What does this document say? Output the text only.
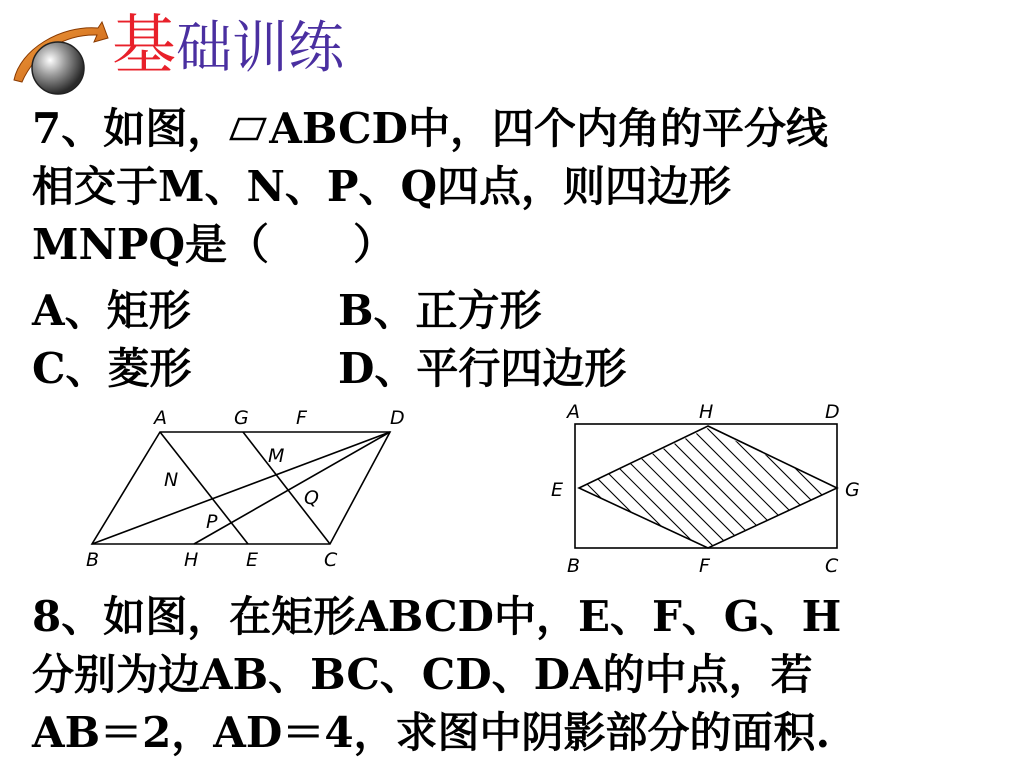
基础训练
7、如图， ABCD中，四个内角的平分线
相交于M、N、P、Q四点，则四边形
MNPQ是（　　）
A、矩形	B、正方形
C、菱形	D、平行四边形
A	G F	D
M
N
Q
P
B	H	E	C
A	H	D
E	G
B	F	C
8、如图，在矩形ABCD中，E、F、G、H
分别为边AB、BC、CD、DA的中点，若
AB＝2，AD＝4，求图中阴影部分的面积.
